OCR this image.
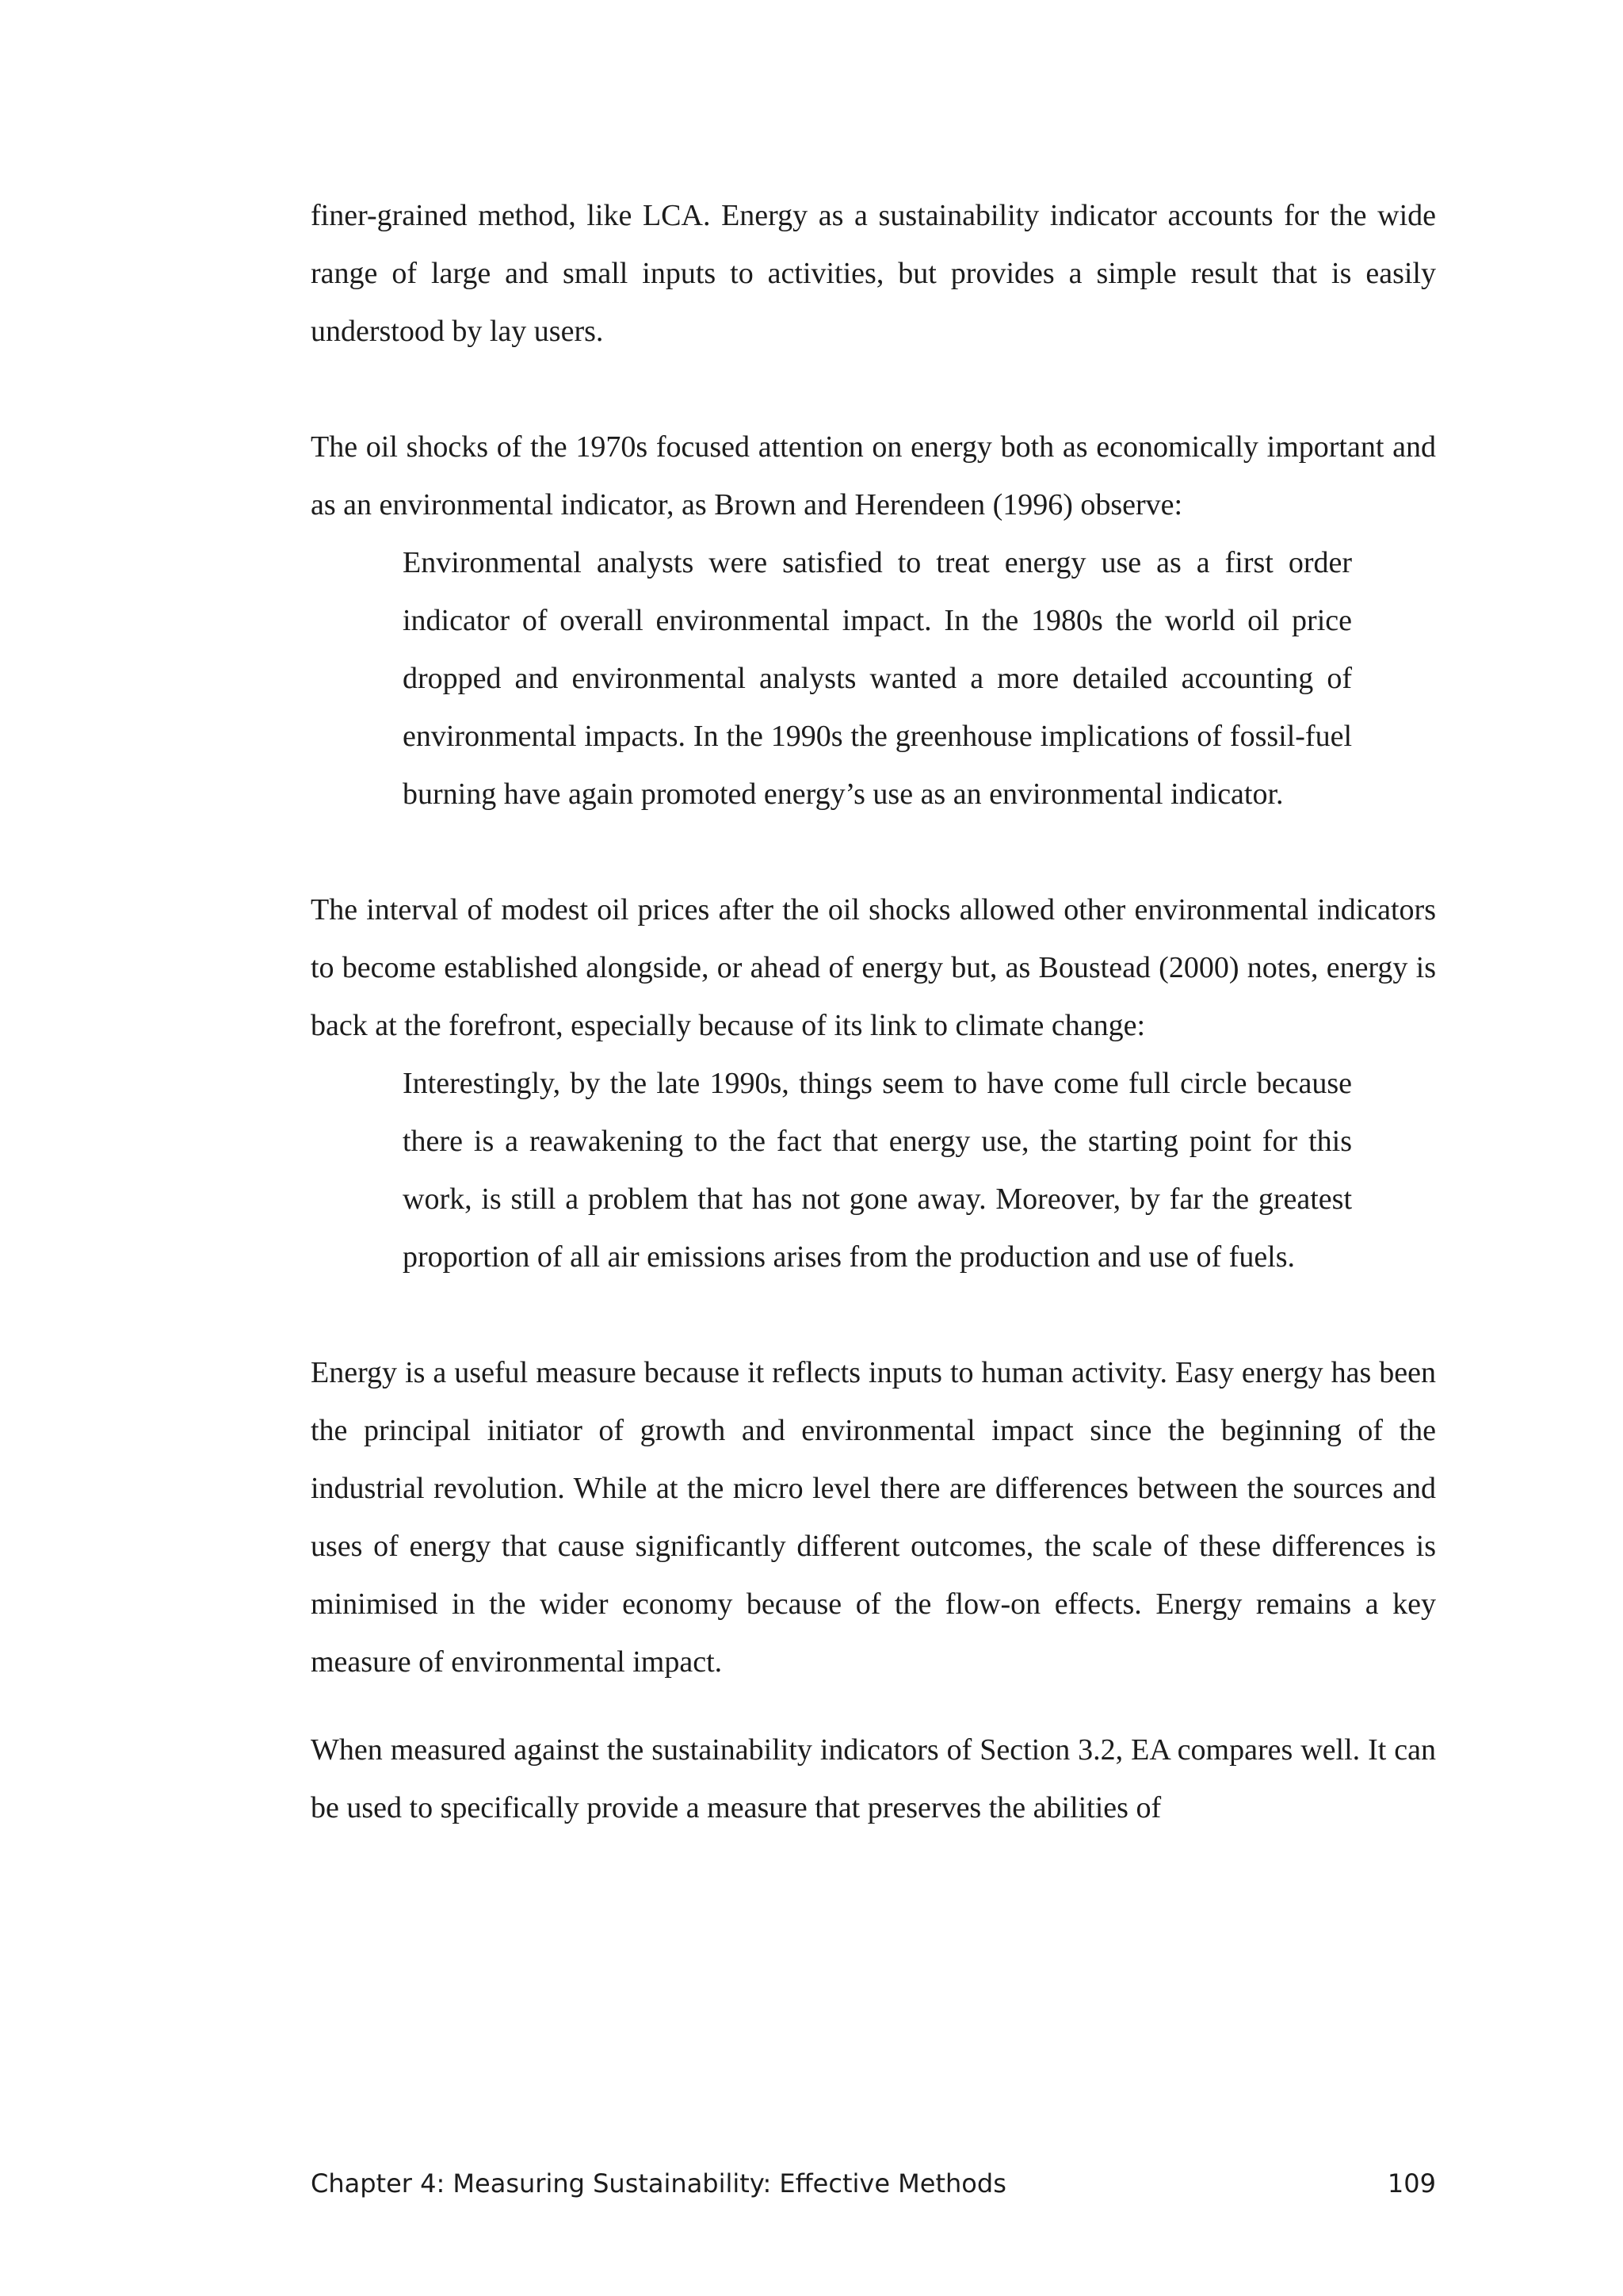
finer-grained method, like LCA. Energy as a sustainability indicator accounts for the wide range of large and small inputs to activities, but provides a simple result that is easily understood by lay users.

The oil shocks of the 1970s focused attention on energy both as economically important and as an environmental indicator, as Brown and Herendeen (1996) observe:

Environmental analysts were satisfied to treat energy use as a first order indicator of overall environmental impact. In the 1980s the world oil price dropped and environmental analysts wanted a more detailed accounting of environmental impacts. In the 1990s the greenhouse implications of fossil-fuel burning have again promoted energy’s use as an environmental indicator.

The interval of modest oil prices after the oil shocks allowed other environmental indicators to become established alongside, or ahead of energy but, as Boustead (2000) notes, energy is back at the forefront, especially because of its link to climate change:

Interestingly, by the late 1990s, things seem to have come full circle because there is a reawakening to the fact that energy use, the starting point for this work, is still a problem that has not gone away. Moreover, by far the greatest proportion of all air emissions arises from the production and use of fuels.

Energy is a useful measure because it reflects inputs to human activity. Easy energy has been the principal initiator of growth and environmental impact since the beginning of the industrial revolution. While at the micro level there are differences between the sources and uses of energy that cause significantly different outcomes, the scale of these differences is minimised in the wider economy because of the flow-on effects. Energy remains a key measure of environmental impact.

When measured against the sustainability indicators of Section 3.2, EA compares well. It can be used to specifically provide a measure that preserves the abilities of

Chapter 4: Measuring Sustainability: Effective Methods	109
